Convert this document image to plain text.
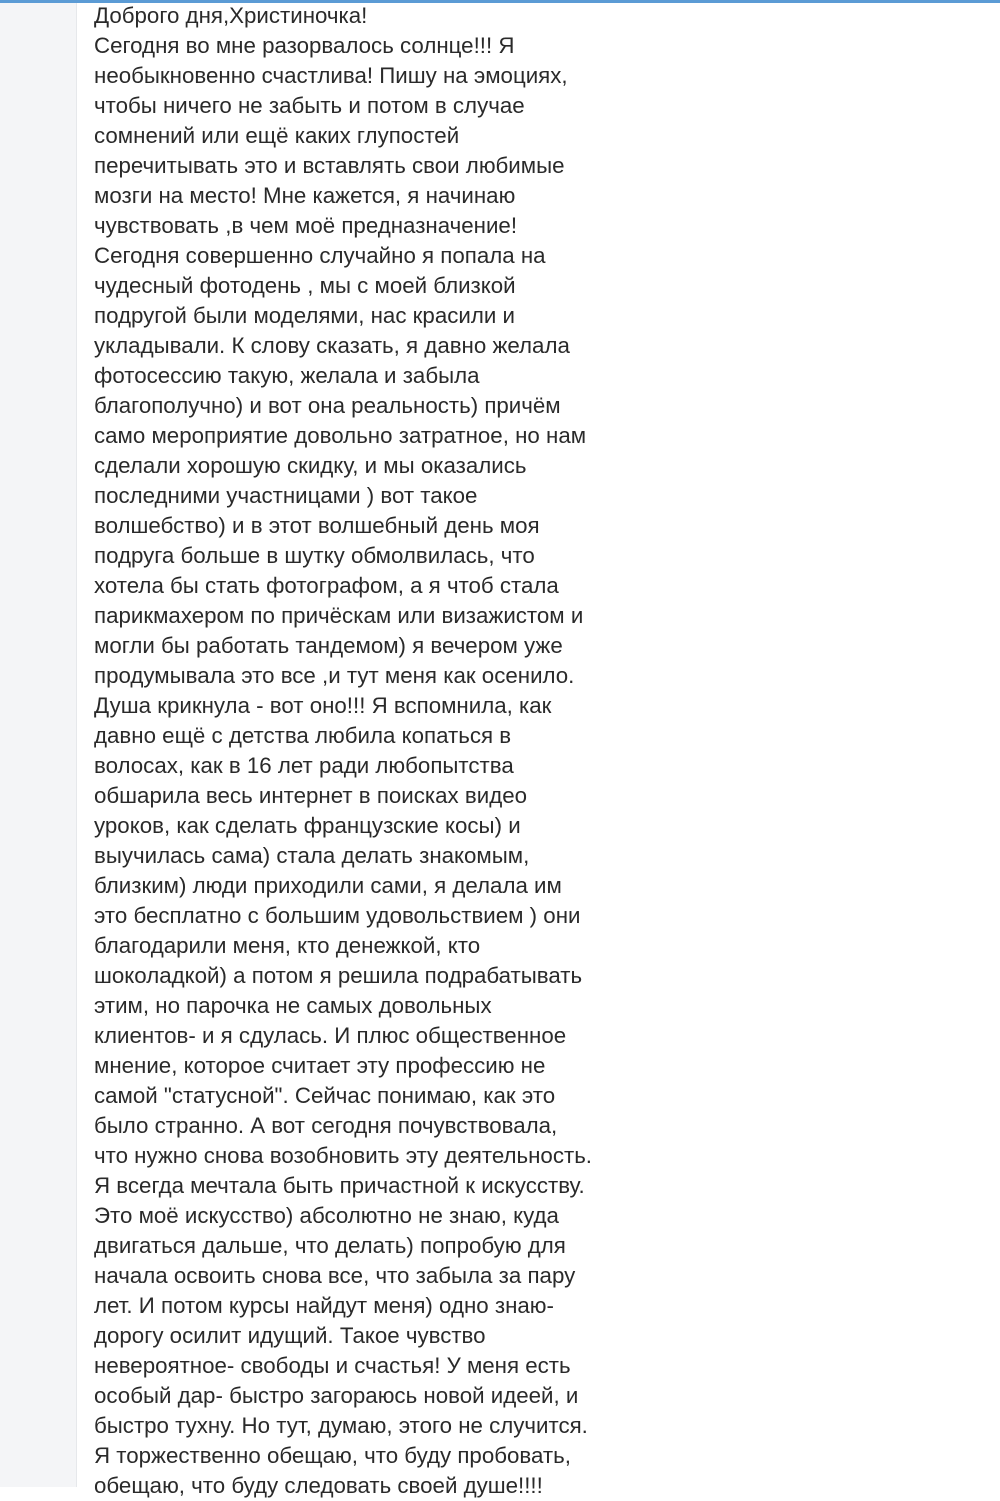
Доброго дня,Христиночка!
Сегодня во мне разорвалось солнце!!! Я
необыкновенно счастлива! Пишу на эмоциях,
чтобы ничего не забыть и потом в случае
сомнений или ещё каких глупостей
перечитывать это и вставлять свои любимые
мозги на место! Мне кажется, я начинаю
чувствовать ,в чем моё предназначение!
Сегодня совершенно случайно я попала на
чудесный фотодень , мы с моей близкой
подругой были моделями, нас красили и
укладывали. К слову сказать, я давно желала
фотосессию такую, желала и забыла
благополучно) и вот она реальность) причём
само мероприятие довольно затратное, но нам
сделали хорошую скидку, и мы оказались
последними участницами ) вот такое
волшебство) и в этот волшебный день моя
подруга больше в шутку обмолвилась, что
хотела бы стать фотографом, а я чтоб стала
парикмахером по причёскам или визажистом и
могли бы работать тандемом) я вечером уже
продумывала это все ,и тут меня как осенило.
Душа крикнула - вот оно!!! Я вспомнила, как
давно ещё с детства любила копаться в
волосах, как в 16 лет ради любопытства
обшарила весь интернет в поисках видео
уроков, как сделать французские косы) и
выучилась сама) стала делать знакомым,
близким) люди приходили сами, я делала им
это бесплатно с большим удовольствием ) они
благодарили меня, кто денежкой, кто
шоколадкой) а потом я решила подрабатывать
этим, но парочка не самых довольных
клиентов- и я сдулась. И плюс общественное
мнение, которое считает эту профессию не
самой "статусной". Сейчас понимаю, как это
было странно. А вот сегодня почувствовала,
что нужно снова возобновить эту деятельность.
Я всегда мечтала быть причастной к искусству.
Это моё искусство) абсолютно не знаю, куда
двигаться дальше, что делать) попробую для
начала освоить снова все, что забыла за пару
лет. И потом курсы найдут меня) одно знаю-
дорогу осилит идущий. Такое чувство
невероятное- свободы и счастья! У меня есть
особый дар- быстро загораюсь новой идеей, и
быстро тухну. Но тут, думаю, этого не случится.
Я торжественно обещаю, что буду пробовать,
обещаю, что буду следовать своей душе!!!!
